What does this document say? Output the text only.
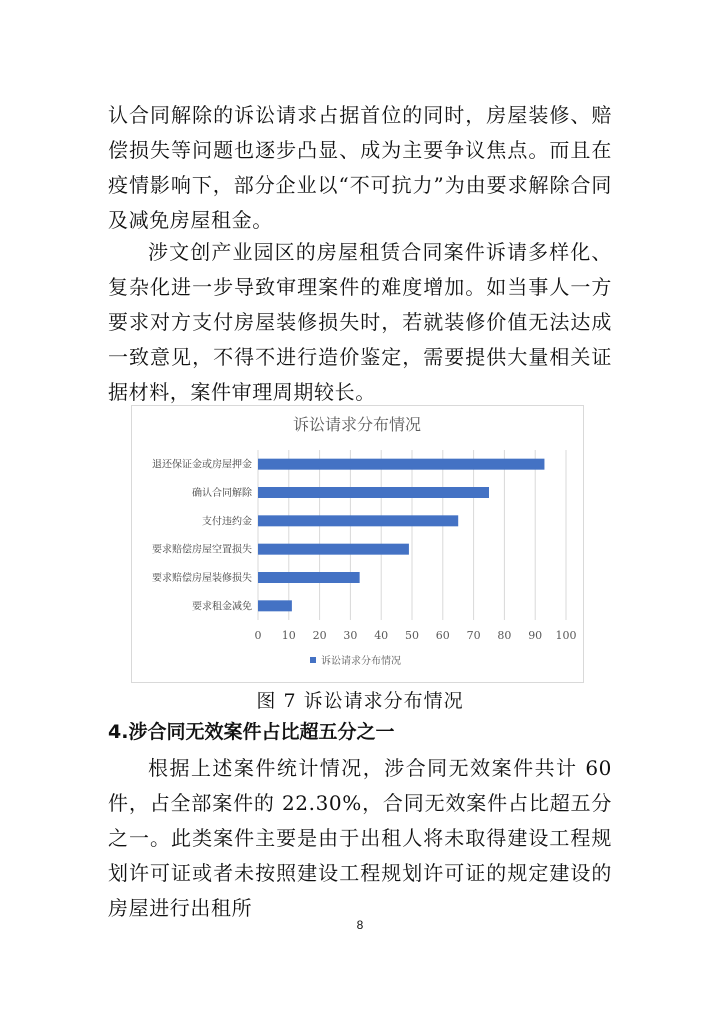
认合同解除的诉讼请求占据首位的同时，房屋装修、赔偿损失等问题也逐步凸显、成为主要争议焦点。而且在疫情影响下，部分企业以“不可抗力”为由要求解除合同及减免房屋租金。

涉文创产业园区的房屋租赁合同案件诉请多样化、复杂化进一步导致审理案件的难度增加。如当事人一方要求对方支付房屋装修损失时，若就装修价值无法达成一致意见，不得不进行造价鉴定，需要提供大量相关证据材料，案件审理周期较长。

诉讼请求分布情况
退还保证金或房屋押金
确认合同解除
支付违约金
要求赔偿房屋空置损失
要求赔偿房屋装修损失
要求租金减免
0 10 20 30 40 50 60 70 80 90 100
诉讼请求分布情况
图 7 诉讼请求分布情况
4.涉合同无效案件占比超五分之一

根据上述案件统计情况，涉合同无效案件共计 60 件，占全部案件的 22.30%，合同无效案件占比超五分之一。此类案件主要是由于出租人将未取得建设工程规划许可证或者未按照建设工程规划许可证的规定建设的房屋进行出租所

8
